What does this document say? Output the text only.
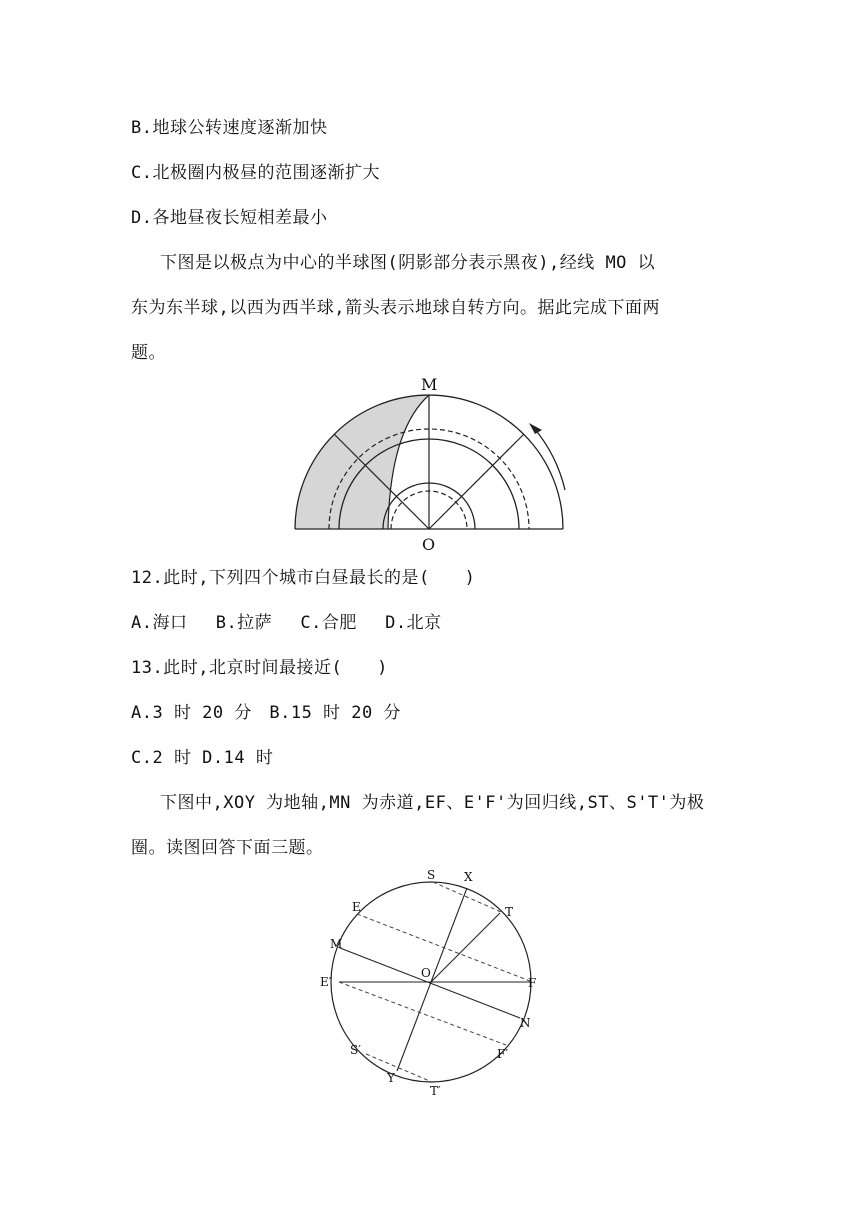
B.地球公转速度逐渐加快
C.北极圈内极昼的范围逐渐扩大
D.各地昼夜长短相差最小
下图是以极点为中心的半球图(阴影部分表示黑夜),经线 MO 以
东为东半球,以西为西半球,箭头表示地球自转方向。据此完成下面两
题。
M
O
12.此时,下列四个城市白昼最长的是(　　)
A.海口　 B.拉萨　 C.合肥　 D.北京
13.此时,北京时间最接近(　　)
A.3 时 20 分　B.15 时 20 分
C.2 时 D.14 时
下图中,XOY 为地轴,MN 为赤道,EF、E'F'为回归线,ST、S'T'为极
圈。读图回答下面三题。
S X
T
E
M
O
E′	F
N
S′	F′
Y
T′
